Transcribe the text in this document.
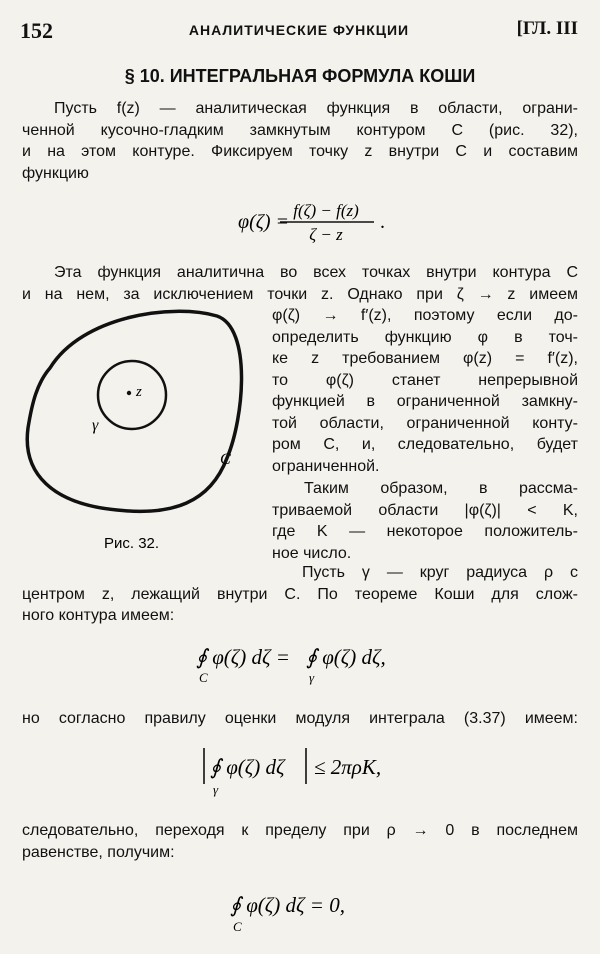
152	АНАЛИТИЧЕСКИЕ ФУНКЦИИ	[ГЛ. III
§ 10. ИНТЕГРАЛЬНАЯ ФОРМУЛА КОШИ
Пусть f(z) — аналитическая функция в области, ограни-
ченной кусочно-гладким замкнутым контуром C (рис. 32),
и на этом контуре. Фиксируем точку z внутри C и составим
функцию
φ(ζ) =
f(ζ) − f(z)
ζ − z
.
Эта функция аналитична во всех точках внутри контура C
и на нем, за исключением точки z. Однако при ζ → z имеем
z
γ
C
Рис. 32.
φ(ζ) → f′(z), поэтому если до-
определить функцию φ в точ-
ке z требованием φ(z) = f′(z),
то φ(ζ) станет непрерывной
функцией в ограниченной замкну-
той области, ограниченной конту-
ром C, и, следовательно, будет
ограниченной.
Таким образом, в рассма-
триваемой области |φ(ζ)| < K,
где K — некоторое положитель-
ное число.
Пусть γ — круг радиуса ρ с
центром z, лежащий внутри C. По теореме Коши для слож-
ного контура имеем:
∮ φ(ζ) dζ =
C
∮ φ(ζ) dζ,
γ
но согласно правилу оценки модуля интеграла (3.37) имеем:
∮ φ(ζ) dζ
γ
≤ 2πρK,
следовательно, переходя к пределу при ρ → 0 в последнем
равенстве, получим:
∮ φ(ζ) dζ = 0,
C
